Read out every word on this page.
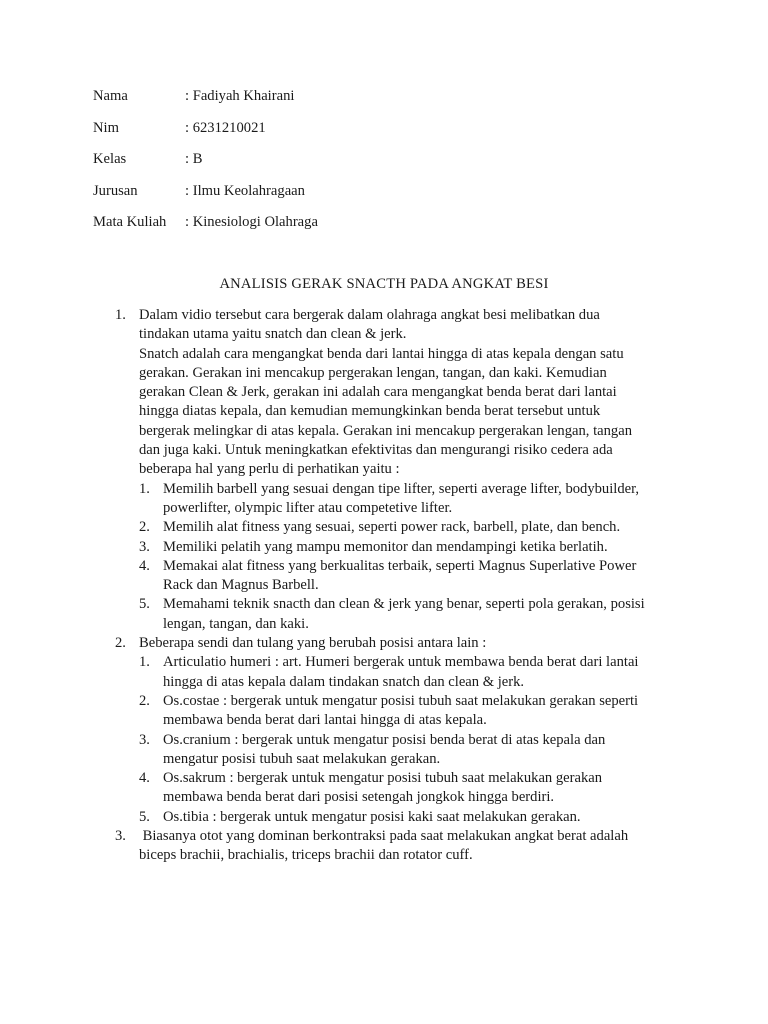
Nama	: Fadiyah Khairani
Nim	: 6231210021
Kelas	: B
Jurusan	: Ilmu Keolahragaan
Mata Kuliah	: Kinesiologi Olahraga
ANALISIS GERAK SNACTH PADA ANGKAT BESI
1. Dalam vidio tersebut cara bergerak dalam olahraga angkat besi melibatkan dua
tindakan utama yaitu snatch dan clean & jerk.
Snatch adalah cara mengangkat benda dari lantai hingga di atas kepala dengan satu
gerakan. Gerakan ini mencakup pergerakan lengan, tangan, dan kaki. Kemudian
gerakan Clean & Jerk, gerakan ini adalah cara mengangkat benda berat dari lantai
hingga diatas kepala, dan kemudian memungkinkan benda berat tersebut untuk
bergerak melingkar di atas kepala. Gerakan ini mencakup pergerakan lengan, tangan
dan juga kaki. Untuk meningkatkan efektivitas dan mengurangi risiko cedera ada
beberapa hal yang perlu di perhatikan yaitu :
1. Memilih barbell yang sesuai dengan tipe lifter, seperti average lifter, bodybuilder,
powerlifter, olympic lifter atau competetive lifter.
2. Memilih alat fitness yang sesuai, seperti power rack, barbell, plate, dan bench.
3. Memiliki pelatih yang mampu memonitor dan mendampingi ketika berlatih.
4. Memakai alat fitness yang berkualitas terbaik, seperti Magnus Superlative Power
Rack dan Magnus Barbell.
5. Memahami teknik snacth dan clean & jerk yang benar, seperti pola gerakan, posisi
lengan, tangan, dan kaki.
2. Beberapa sendi dan tulang yang berubah posisi antara lain :
1. Articulatio humeri : art. Humeri bergerak untuk membawa benda berat dari lantai
hingga di atas kepala dalam tindakan snatch dan clean & jerk.
2. Os.costae : bergerak untuk mengatur posisi tubuh saat melakukan gerakan seperti
membawa benda berat dari lantai hingga di atas kepala.
3. Os.cranium : bergerak untuk mengatur posisi benda berat di atas kepala dan
mengatur posisi tubuh saat melakukan gerakan.
4. Os.sakrum : bergerak untuk mengatur posisi tubuh saat melakukan gerakan
membawa benda berat dari posisi setengah jongkok hingga berdiri.
5. Os.tibia : bergerak untuk mengatur posisi kaki saat melakukan gerakan.
3. Biasanya otot yang dominan berkontraksi pada saat melakukan angkat berat adalah
biceps brachii, brachialis, triceps brachii dan rotator cuff.
